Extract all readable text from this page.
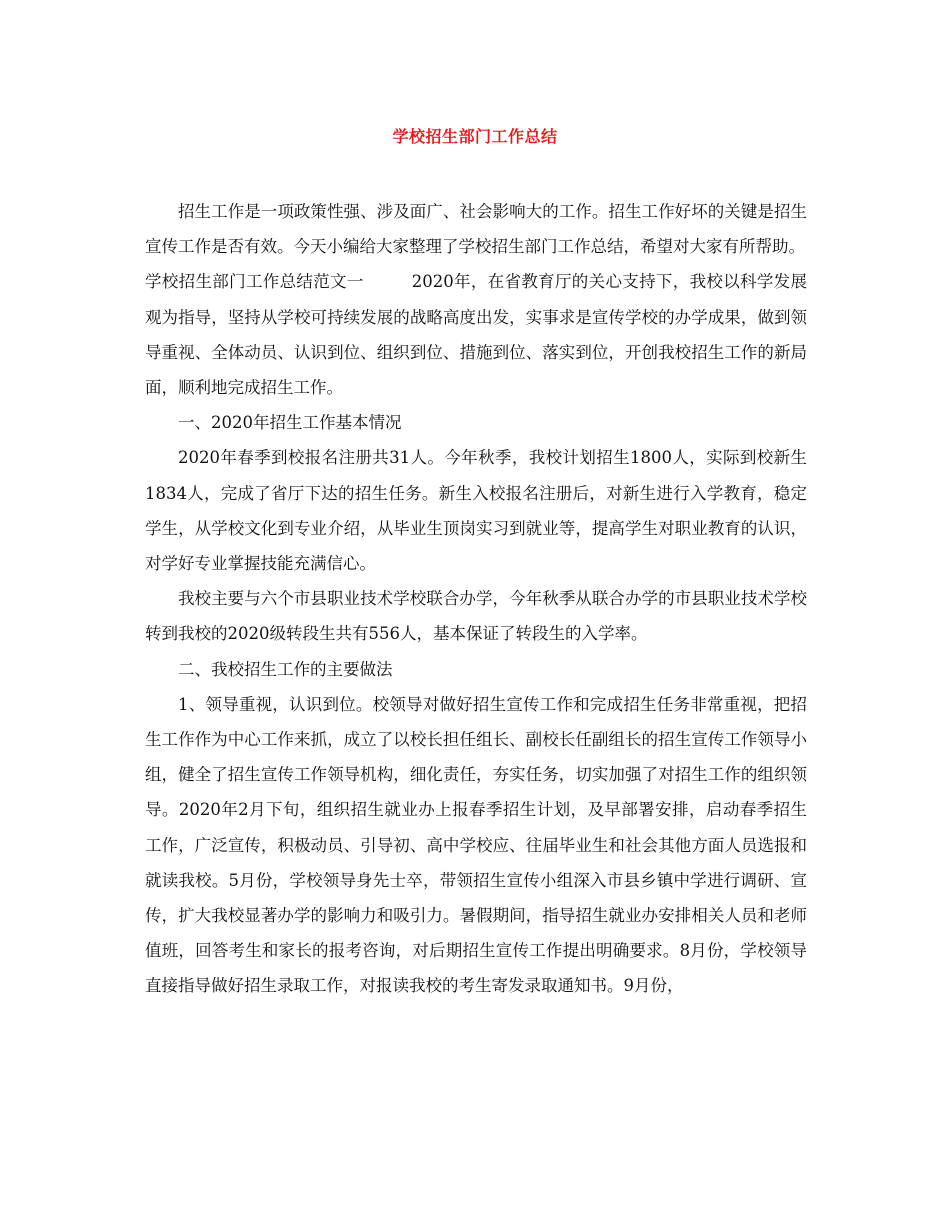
学校招生部门工作总结

招生工作是一项政策性强、涉及面广、社会影响大的工作。招生工作好坏的关键是招生宣传工作是否有效。今天小编给大家整理了学校招生部门工作总结，希望对大家有所帮助。

学校招生部门工作总结范文一	2020年，在省教育厅的关心支持下，我校以科学发展观为指导，坚持从学校可持续发展的战略高度出发，实事求是宣传学校的办学成果，做到领导重视、全体动员、认识到位、组织到位、措施到位、落实到位，开创我校招生工作的新局面，顺利地完成招生工作。

一、2020年招生工作基本情况

2020年春季到校报名注册共31人。今年秋季，我校计划招生1800人，实际到校新生1834人，完成了省厅下达的招生任务。新生入校报名注册后，对新生进行入学教育，稳定学生，从学校文化到专业介绍，从毕业生顶岗实习到就业等，提高学生对职业教育的认识，对学好专业掌握技能充满信心。

我校主要与六个市县职业技术学校联合办学，今年秋季从联合办学的市县职业技术学校转到我校的2020级转段生共有556人，基本保证了转段生的入学率。

二、我校招生工作的主要做法

1、领导重视，认识到位。校领导对做好招生宣传工作和完成招生任务非常重视，把招生工作作为中心工作来抓，成立了以校长担任组长、副校长任副组长的招生宣传工作领导小组，健全了招生宣传工作领导机构，细化责任，夯实任务，切实加强了对招生工作的组织领导。2020年2月下旬，组织招生就业办上报春季招生计划，及早部署安排，启动春季招生工作，广泛宣传，积极动员、引导初、高中学校应、往届毕业生和社会其他方面人员选报和就读我校。5月份，学校领导身先士卒，带领招生宣传小组深入市县乡镇中学进行调研、宣传，扩大我校显著办学的影响力和吸引力。暑假期间，指导招生就业办安排相关人员和老师值班，回答考生和家长的报考咨询，对后期招生宣传工作提出明确要求。8月份，学校领导直接指导做好招生录取工作，对报读我校的考生寄发录取通知书。9月份，
